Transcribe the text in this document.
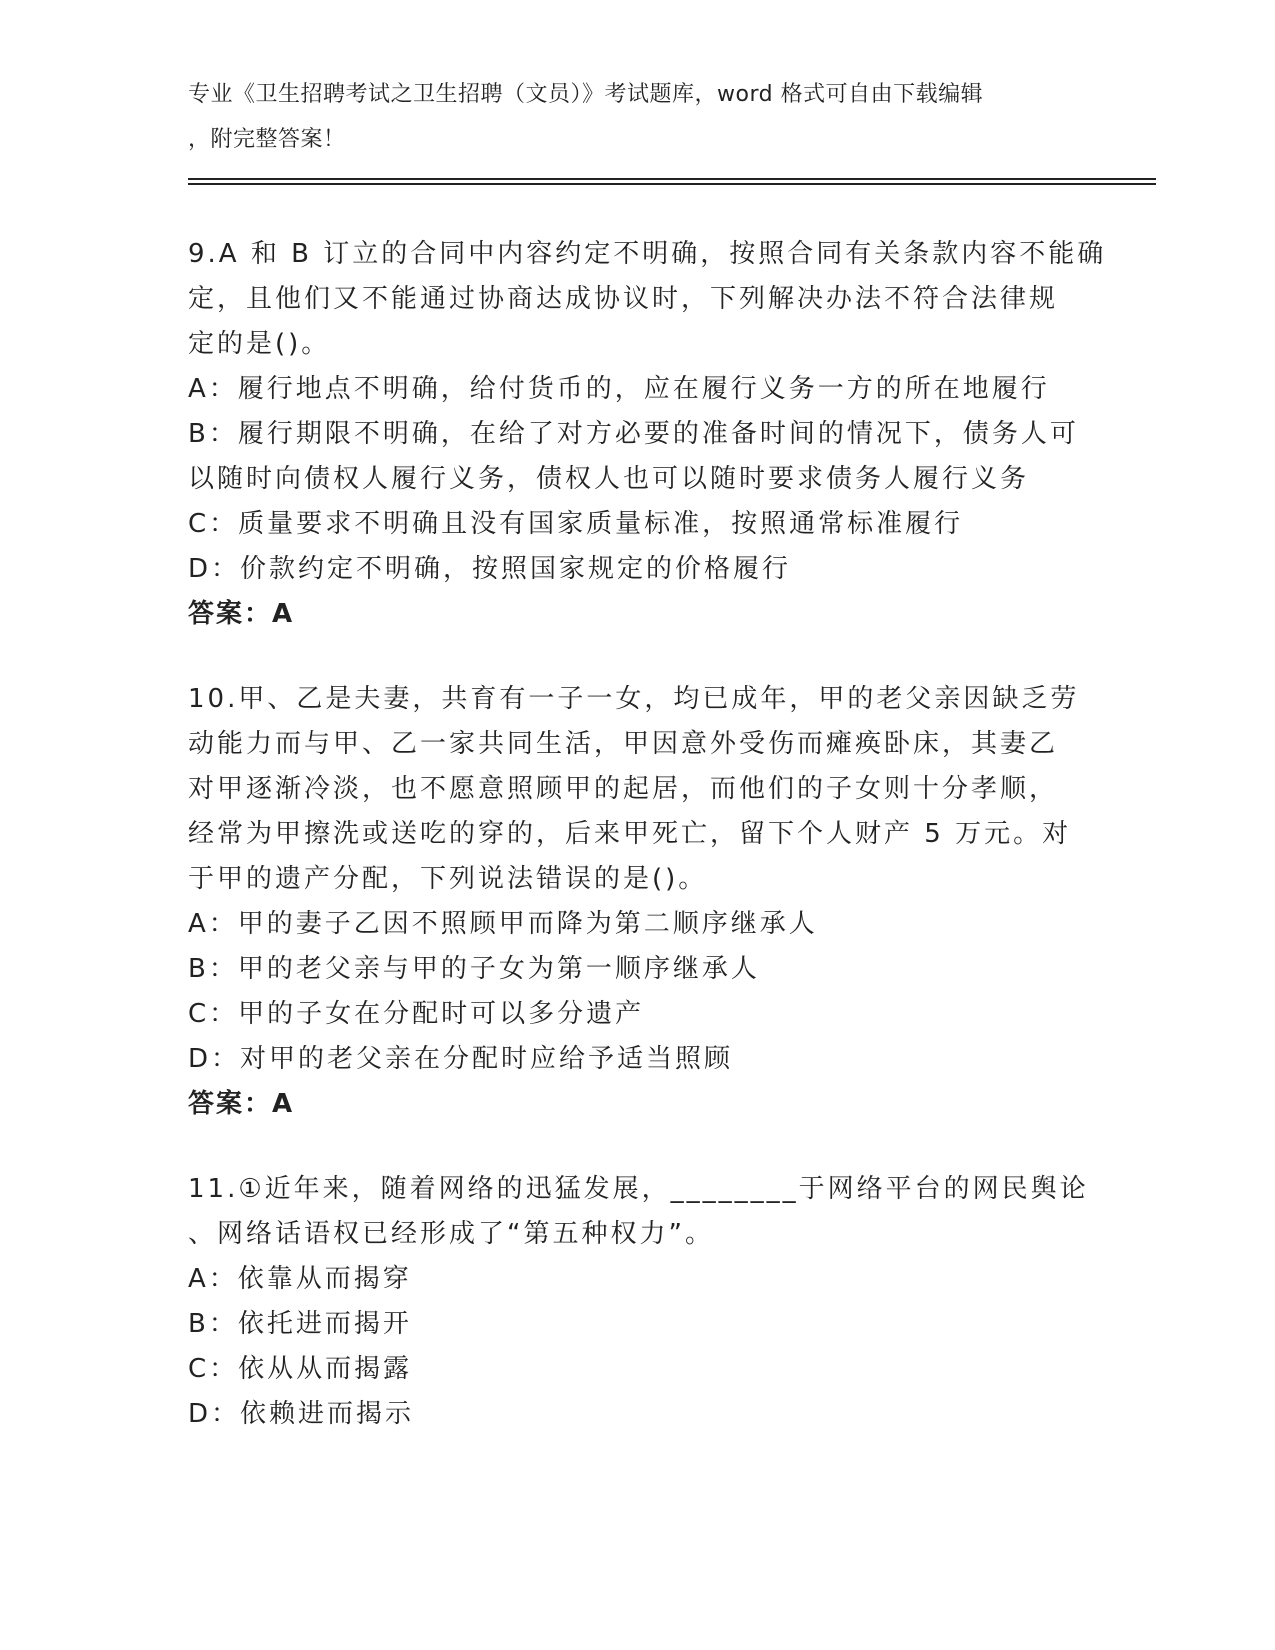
专业《卫生招聘考试之卫生招聘（文员）》考试题库，word 格式可自由下载编辑
，附完整答案！
9.A 和 B 订立的合同中内容约定不明确，按照合同有关条款内容不能确
定，且他们又不能通过协商达成协议时，下列解决办法不符合法律规
定的是()。
A：履行地点不明确，给付货币的，应在履行义务一方的所在地履行
B：履行期限不明确，在给了对方必要的准备时间的情况下，债务人可
以随时向债权人履行义务，债权人也可以随时要求债务人履行义务
C：质量要求不明确且没有国家质量标准，按照通常标准履行
D：价款约定不明确，按照国家规定的价格履行
答案：A
10.甲、乙是夫妻，共育有一子一女，均已成年，甲的老父亲因缺乏劳
动能力而与甲、乙一家共同生活，甲因意外受伤而瘫痪卧床，其妻乙
对甲逐渐冷淡，也不愿意照顾甲的起居，而他们的子女则十分孝顺，
经常为甲擦洗或送吃的穿的，后来甲死亡，留下个人财产 5 万元。对
于甲的遗产分配，下列说法错误的是()。
A：甲的妻子乙因不照顾甲而降为第二顺序继承人
B：甲的老父亲与甲的子女为第一顺序继承人
C：甲的子女在分配时可以多分遗产
D：对甲的老父亲在分配时应给予适当照顾
答案：A
11.①近年来，随着网络的迅猛发展，________于网络平台的网民舆论
、网络话语权已经形成了“第五种权力”。
A：依靠从而揭穿
B：依托进而揭开
C：依从从而揭露
D：依赖进而揭示
